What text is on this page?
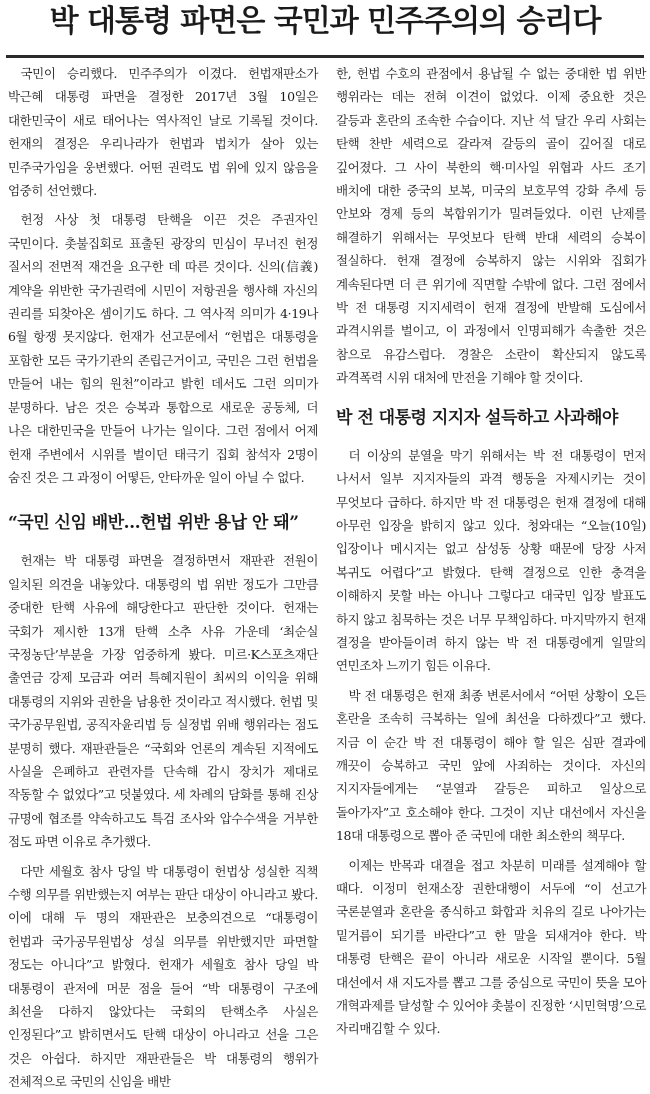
박 대통령 파면은 국민과 민주주의의 승리다

국민이 승리했다. 민주주의가 이겼다. 헌법재판소가 박근혜 대통령 파면을 결정한 2017년 3월 10일은 대한민국이 새로 태어나는 역사적인 날로 기록될 것이다. 헌재의 결정은 우리나라가 헌법과 법치가 살아 있는 민주국가임을 웅변했다. 어떤 권력도 법 위에 있지 않음을 엄중히 선언했다.

헌정 사상 첫 대통령 탄핵을 이끈 것은 주권자인 국민이다. 촛불집회로 표출된 광장의 민심이 무너진 헌정 질서의 전면적 재건을 요구한 데 따른 것이다. 신의(信義) 계약을 위반한 국가권력에 시민이 저항권을 행사해 자신의 권리를 되찾아온 셈이기도 하다. 그 역사적 의미가 4·19나 6월 항쟁 못지않다. 헌재가 선고문에서 “헌법은 대통령을 포함한 모든 국가기관의 존립근거이고, 국민은 그런 헌법을 만들어 내는 힘의 원천”이라고 밝힌 데서도 그런 의미가 분명하다. 남은 것은 승복과 통합으로 새로운 공동체, 더 나은 대한민국을 만들어 나가는 일이다. 그런 점에서 어제 헌재 주변에서 시위를 벌이던 태극기 집회 참석자 2명이 숨진 것은 그 과정이 어떻든, 안타까운 일이 아닐 수 없다.

“국민 신임 배반…헌법 위반 용납 안 돼”

헌재는 박 대통령 파면을 결정하면서 재판관 전원이 일치된 의견을 내놓았다. 대통령의 법 위반 정도가 그만큼 중대한 탄핵 사유에 해당한다고 판단한 것이다. 헌재는 국회가 제시한 13개 탄핵 소추 사유 가운데 ‘최순실 국정농단’부분을 가장 엄중하게 봤다. 미르·K스포츠재단 출연금 강제 모금과 여러 특혜지원이 최씨의 이익을 위해 대통령의 지위와 권한을 남용한 것이라고 적시했다. 헌법 및 국가공무원법, 공직자윤리법 등 실정법 위배 행위라는 점도 분명히 했다. 재판관들은 “국회와 언론의 계속된 지적에도 사실을 은폐하고 관련자를 단속해 감시 장치가 제대로 작동할 수 없었다”고 덧붙였다. 세 차례의 담화를 통해 진상 규명에 협조를 약속하고도 특검 조사와 압수수색을 거부한 점도 파면 이유로 추가했다.

다만 세월호 참사 당일 박 대통령이 헌법상 성실한 직책 수행 의무를 위반했는지 여부는 판단 대상이 아니라고 봤다. 이에 대해 두 명의 재판관은 보충의견으로 “대통령이 헌법과 국가공무원법상 성실 의무를 위반했지만 파면할 정도는 아니다”고 밝혔다. 헌재가 세월호 참사 당일 박 대통령이 관저에 머문 점을 들어 “박 대통령이 구조에 최선을 다하지 않았다는 국회의 탄핵소추 사실은 인정된다”고 밝히면서도 탄핵 대상이 아니라고 선을 그은 것은 아쉽다. 하지만 재판관들은 박 대통령의 행위가 전체적으로 국민의 신임을 배반

한, 헌법 수호의 관점에서 용납될 수 없는 중대한 법 위반 행위라는 데는 전혀 이견이 없었다. 이제 중요한 것은 갈등과 혼란의 조속한 수습이다. 지난 석 달간 우리 사회는 탄핵 찬반 세력으로 갈라져 갈등의 골이 깊어질 대로 깊어졌다. 그 사이 북한의 핵·미사일 위협과 사드 조기 배치에 대한 중국의 보복, 미국의 보호무역 강화 추세 등 안보와 경제 등의 복합위기가 밀려들었다. 이런 난제를 해결하기 위해서는 무엇보다 탄핵 반대 세력의 승복이 절실하다. 헌재 결정에 승복하지 않는 시위와 집회가 계속된다면 더 큰 위기에 직면할 수밖에 없다. 그런 점에서 박 전 대통령 지지세력이 헌재 결정에 반발해 도심에서 과격시위를 벌이고, 이 과정에서 인명피해가 속출한 것은 참으로 유감스럽다. 경찰은 소란이 확산되지 않도록 과격폭력 시위 대처에 만전을 기해야 할 것이다.

박 전 대통령 지지자 설득하고 사과해야

더 이상의 분열을 막기 위해서는 박 전 대통령이 먼저 나서서 일부 지지자들의 과격 행동을 자제시키는 것이 무엇보다 급하다. 하지만 박 전 대통령은 헌재 결정에 대해 아무런 입장을 밝히지 않고 있다. 청와대는 “오늘(10일) 입장이나 메시지는 없고 삼성동 상황 때문에 당장 사저 복귀도 어렵다”고 밝혔다. 탄핵 결정으로 인한 충격을 이해하지 못할 바는 아니나 그렇다고 대국민 입장 발표도 하지 않고 침묵하는 것은 너무 무책임하다. 마지막까지 헌재 결정을 받아들이려 하지 않는 박 전 대통령에게 일말의 연민조차 느끼기 힘든 이유다.

박 전 대통령은 헌재 최종 변론서에서 “어떤 상황이 오든 혼란을 조속히 극복하는 일에 최선을 다하겠다”고 했다. 지금 이 순간 박 전 대통령이 해야 할 일은 심판 결과에 깨끗이 승복하고 국민 앞에 사죄하는 것이다. 자신의 지지자들에게는 “분열과 갈등은 피하고 일상으로 돌아가자”고 호소해야 한다. 그것이 지난 대선에서 자신을 18대 대통령으로 뽑아 준 국민에 대한 최소한의 책무다.

이제는 반목과 대결을 접고 차분히 미래를 설계해야 할 때다. 이정미 헌재소장 권한대행이 서두에 “이 선고가 국론분열과 혼란을 종식하고 화합과 치유의 길로 나아가는 밑거름이 되기를 바란다”고 한 말을 되새겨야 한다. 박 대통령 탄핵은 끝이 아니라 새로운 시작일 뿐이다. 5월 대선에서 새 지도자를 뽑고 그를 중심으로 국민이 뜻을 모아 개혁과제를 달성할 수 있어야 촛불이 진정한 ‘시민혁명’으로 자리매김할 수 있다.
